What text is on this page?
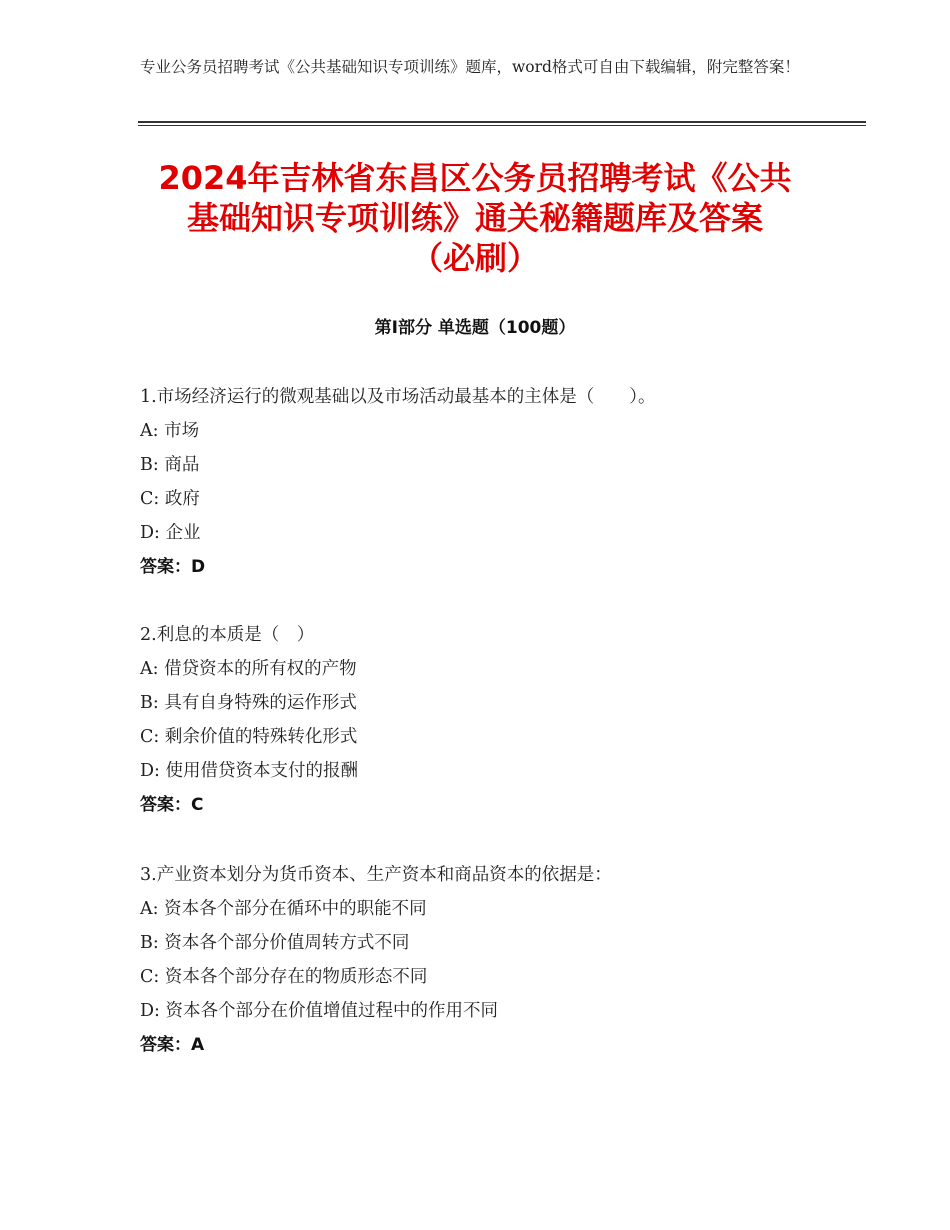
专业公务员招聘考试《公共基础知识专项训练》题库，word格式可自由下载编辑，附完整答案！
2024年吉林省东昌区公务员招聘考试《公共
基础知识专项训练》通关秘籍题库及答案
（必刷）
第Ⅰ部分 单选题（100题）
1.市场经济运行的微观基础以及市场活动最基本的主体是（　　）。
A: 市场
B: 商品
C: 政府
D: 企业
答案：D
2.利息的本质是（　）
A: 借贷资本的所有权的产物
B: 具有自身特殊的运作形式
C: 剩余价值的特殊转化形式
D: 使用借贷资本支付的报酬
答案：C
3.产业资本划分为货币资本、生产资本和商品资本的依据是：
A: 资本各个部分在循环中的职能不同
B: 资本各个部分价值周转方式不同
C: 资本各个部分存在的物质形态不同
D: 资本各个部分在价值增值过程中的作用不同
答案：A
